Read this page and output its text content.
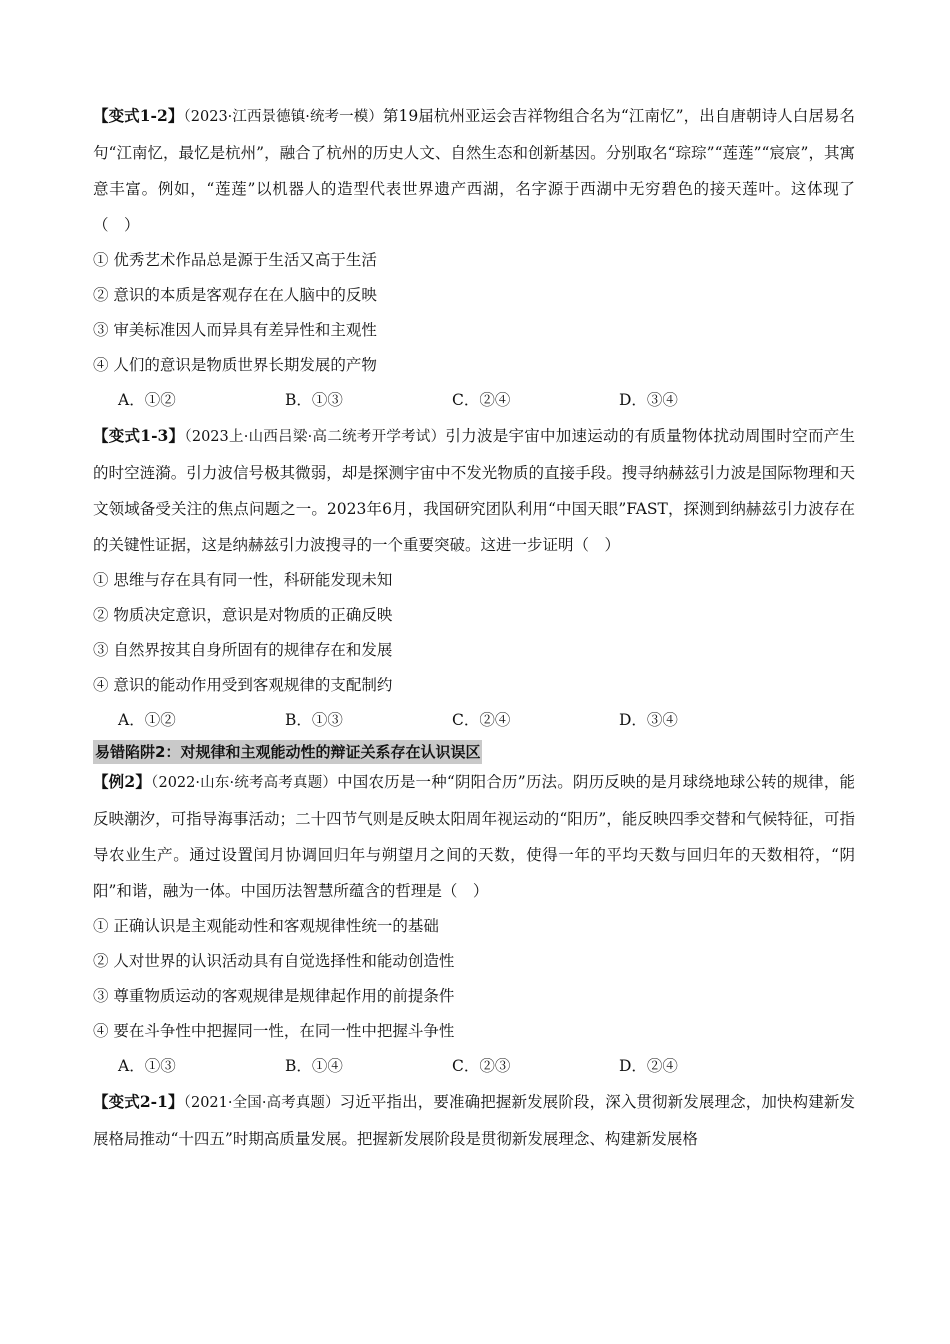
【变式1-2】（2023·江西景德镇·统考一模）第19届杭州亚运会吉祥物组合名为“江南忆”，出自唐朝诗人白居易名句“江南忆，最忆是杭州”，融合了杭州的历史人文、自然生态和创新基因。分别取名“琮琮”“莲莲”“宸宸”，其寓意丰富。例如，“莲莲”以机器人的造型代表世界遗产西湖，名字源于西湖中无穷碧色的接天莲叶。这体现了（　）

① 优秀艺术作品总是源于生活又高于生活

② 意识的本质是客观存在在人脑中的反映

③ 审美标准因人而异具有差异性和主观性

④ 人们的意识是物质世界长期发展的产物

A．①②	B．①③	C．②④	D．③④

【变式1-3】（2023上·山西吕梁·高二统考开学考试）引力波是宇宙中加速运动的有质量物体扰动周围时空而产生的时空涟漪。引力波信号极其微弱，却是探测宇宙中不发光物质的直接手段。搜寻纳赫兹引力波是国际物理和天文领域备受关注的焦点问题之一。2023年6月，我国研究团队利用“中国天眼”FAST，探测到纳赫兹引力波存在的关键性证据，这是纳赫兹引力波搜寻的一个重要突破。这进一步证明（　）

① 思维与存在具有同一性，科研能发现未知

② 物质决定意识，意识是对物质的正确反映

③ 自然界按其自身所固有的规律存在和发展

④ 意识的能动作用受到客观规律的支配制约

A．①②	B．①③	C．②④	D．③④
易错陷阱2：对规律和主观能动性的辩证关系存在认识误区

【例2】（2022·山东·统考高考真题）中国农历是一种“阴阳合历”历法。阴历反映的是月球绕地球公转的规律，能反映潮汐，可指导海事活动；二十四节气则是反映太阳周年视运动的“阳历”，能反映四季交替和气候特征，可指导农业生产。通过设置闰月协调回归年与朔望月之间的天数，使得一年的平均天数与回归年的天数相符，“阴阳”和谐，融为一体。中国历法智慧所蕴含的哲理是（　）

① 正确认识是主观能动性和客观规律性统一的基础

② 人对世界的认识活动具有自觉选择性和能动创造性

③ 尊重物质运动的客观规律是规律起作用的前提条件

④ 要在斗争性中把握同一性，在同一性中把握斗争性

A．①③	B．①④	C．②③	D．②④

【变式2-1】（2021·全国·高考真题）习近平指出，要准确把握新发展阶段，深入贯彻新发展理念，加快构建新发展格局推动“十四五”时期高质量发展。把握新发展阶段是贯彻新发展理念、构建新发展格
